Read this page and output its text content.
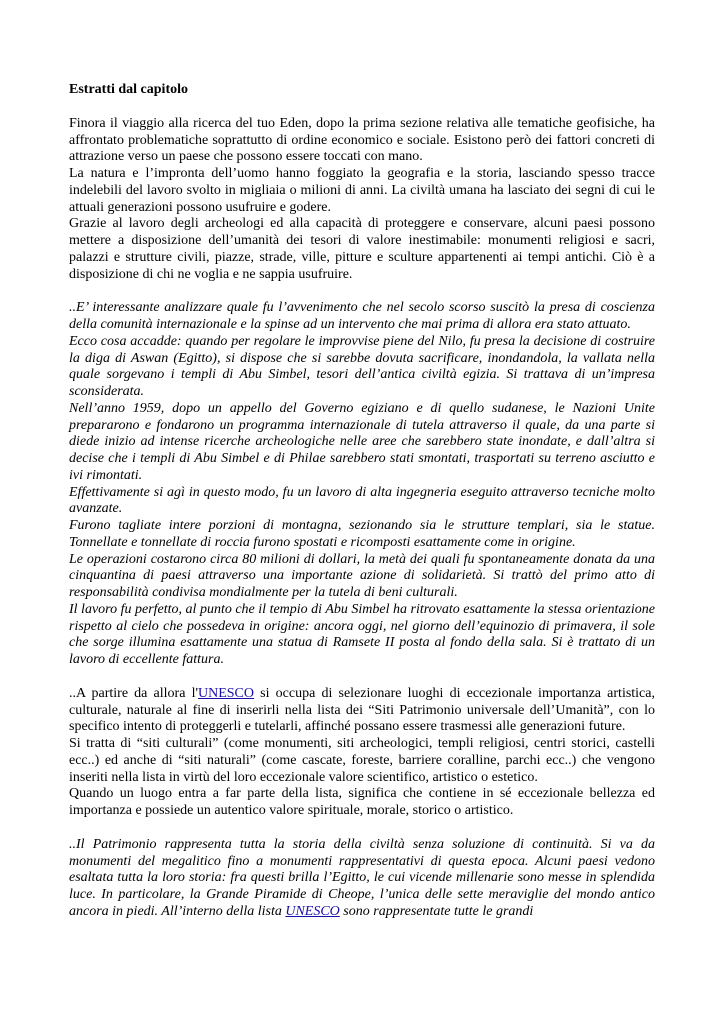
Estratti dal capitolo

Finora il viaggio alla ricerca del tuo Eden, dopo la prima sezione relativa alle tematiche geofisiche, ha affrontato problematiche soprattutto di ordine economico e sociale. Esistono però dei fattori concreti di attrazione verso un paese che possono essere toccati con mano.

La natura e l’impronta dell’uomo hanno foggiato la geografia e la storia, lasciando spesso tracce indelebili del lavoro svolto in migliaia o milioni di anni. La civiltà umana ha lasciato dei segni di cui le attuali generazioni possono usufruire e godere.

Grazie al lavoro degli archeologi ed alla capacità di proteggere e conservare, alcuni paesi possono mettere a disposizione dell’umanità dei tesori di valore inestimabile: monumenti religiosi e sacri, palazzi e strutture civili, piazze, strade, ville, pitture e sculture appartenenti ai tempi antichi. Ciò è a disposizione di chi ne voglia e ne sappia usufruire.

..E’ interessante analizzare quale fu l’avvenimento che nel secolo scorso suscitò la presa di coscienza della comunità internazionale e la spinse ad un intervento che mai prima di allora era stato attuato.

Ecco cosa accadde: quando per regolare le improvvise piene del Nilo, fu presa la decisione di costruire la diga di Aswan (Egitto), si dispose che si sarebbe dovuta sacrificare, inondandola, la vallata nella quale sorgevano i templi di Abu Simbel, tesori dell’antica civiltà egizia. Si trattava di un’impresa sconsiderata.

Nell’anno 1959, dopo un appello del Governo egiziano e di quello sudanese, le Nazioni Unite prepararono e fondarono un programma internazionale di tutela attraverso il quale, da una parte si diede inizio ad intense ricerche archeologiche nelle aree che sarebbero state inondate, e dall’altra si decise che i templi di Abu Simbel e di Philae sarebbero stati smontati, trasportati su terreno asciutto e ivi rimontati.

Effettivamente si agì in questo modo, fu un lavoro di alta ingegneria eseguito attraverso tecniche molto avanzate.

Furono tagliate intere porzioni di montagna, sezionando sia le strutture templari, sia le statue. Tonnellate e tonnellate di roccia furono spostati e ricomposti esattamente come in origine.

Le operazioni costarono circa 80 milioni di dollari, la metà dei quali fu spontaneamente donata da una cinquantina di paesi attraverso una importante azione di solidarietà. Si trattò del primo atto di responsabilità condivisa mondialmente per la tutela di beni culturali.

Il lavoro fu perfetto, al punto che il tempio di Abu Simbel ha ritrovato esattamente la stessa orientazione rispetto al cielo che possedeva in origine: ancora oggi, nel giorno dell’equinozio di primavera, il sole che sorge illumina esattamente una statua di Ramsete II posta al fondo della sala. Si è trattato di un lavoro di eccellente fattura.

..A partire da allora l'UNESCO si occupa di selezionare luoghi di eccezionale importanza artistica, culturale, naturale al fine di inserirli nella lista dei “Siti Patrimonio universale dell’Umanità”, con lo specifico intento di proteggerli e tutelarli, affinché possano essere trasmessi alle generazioni future.

Si tratta di “siti culturali” (come monumenti, siti archeologici, templi religiosi, centri storici, castelli ecc..) ed anche di “siti naturali” (come cascate, foreste, barriere coralline, parchi ecc..) che vengono inseriti nella lista in virtù del loro eccezionale valore scientifico, artistico o estetico.

Quando un luogo entra a far parte della lista, significa che contiene in sé eccezionale bellezza ed importanza e possiede un autentico valore spirituale, morale, storico o artistico.

..Il Patrimonio rappresenta tutta la storia della civiltà senza soluzione di continuità. Si va da monumenti del megalitico fino a monumenti rappresentativi di questa epoca. Alcuni paesi vedono esaltata tutta la loro storia: fra questi brilla l’Egitto, le cui vicende millenarie sono messe in splendida luce. In particolare, la Grande Piramide di Cheope, l’unica delle sette meraviglie del mondo antico ancora in piedi. All’interno della lista UNESCO sono rappresentate tutte le grandi
